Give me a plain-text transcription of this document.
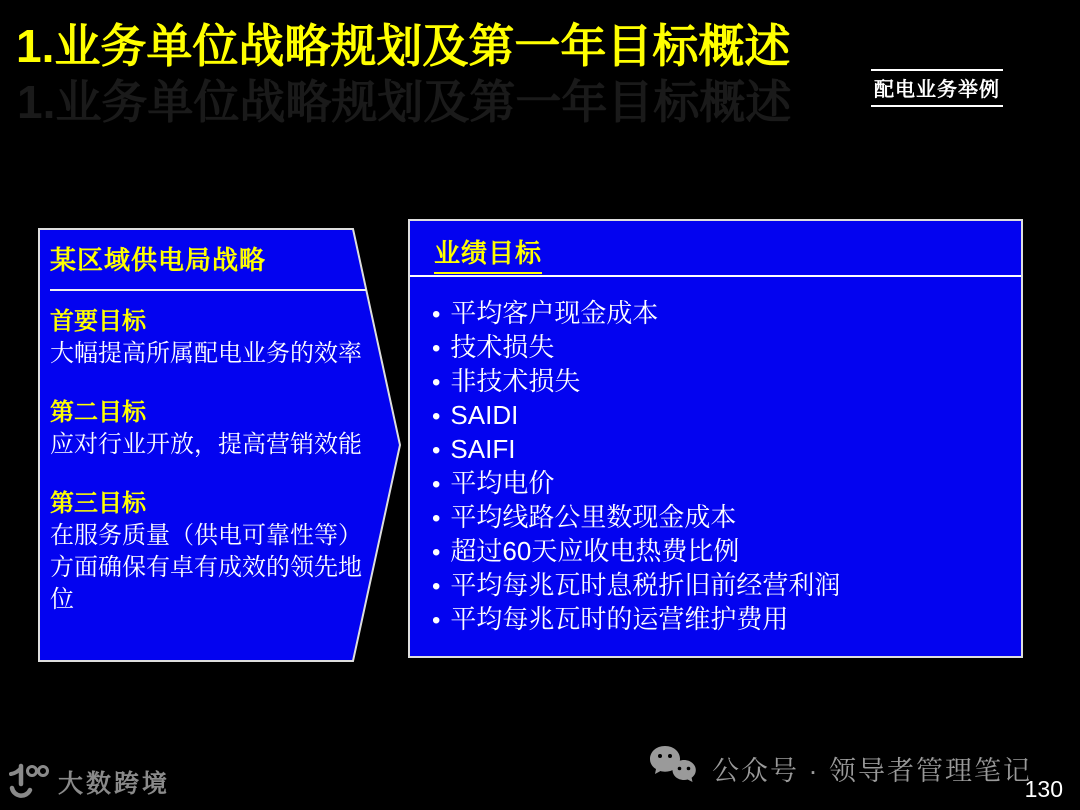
1.业务单位战略规划及第一年目标概述
1.业务单位战略规划及第一年目标概述
配电业务举例
某区域供电局战略
首要目标
大幅提高所属配电业务的效率
第二目标
应对行业开放，提高营销效能
第三目标
在服务质量（供电可靠性等）方面确保有卓有成效的领先地位
业绩目标
• 平均客户现金成本
• 技术损失
• 非技术损失
• SAIDI
• SAIFI
• 平均电价
• 平均线路公里数现金成本
• 超过60天应收电热费比例
• 平均每兆瓦时息税折旧前经营利润
• 平均每兆瓦时的运营维护费用
大数跨境	公众号 · 领导者管理笔记
130
